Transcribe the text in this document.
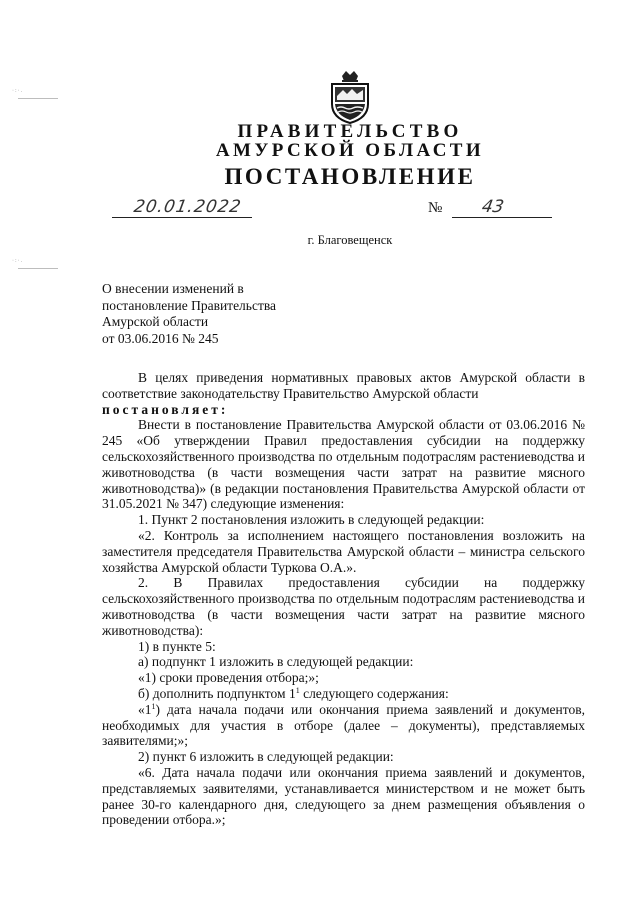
·:·.
·:·.
ПРАВИТЕЛЬСТВО
АМУРСКОЙ ОБЛАСТИ
ПОСТАНОВЛЕНИЕ
20.01.2022	№ 43
г. Благовещенск
О внесении изменений в
постановление Правительства
Амурской области
от 03.06.2016 № 245

В целях приведения нормативных правовых актов Амурской области в соответствие законодательству Правительство Амурской области

постановляет:

Внести в постановление Правительства Амурской области от 03.06.2016 № 245 «Об утверждении Правил предоставления субсидии на поддержку сельскохозяйственного производства по отдельным подотраслям растениеводства и животноводства (в части возмещения части затрат на развитие мясного животноводства)» (в редакции постановления Правительства Амурской области от 31.05.2021 № 347) следующие изменения:

1. Пункт 2 постановления изложить в следующей редакции:

«2. Контроль за исполнением настоящего постановления возложить на заместителя председателя Правительства Амурской области – министра сельского хозяйства Амурской области Туркова О.А.».

2. В Правилах предоставления субсидии на поддержку сельскохозяйственного производства по отдельным подотраслям растениеводства и животноводства (в части возмещения части затрат на развитие мясного животноводства):

1) в пункте 5:

а) подпункт 1 изложить в следующей редакции:

«1) сроки проведения отбора;»;

б) дополнить подпунктом $1^1$ следующего содержания:

«$1^1$) дата начала подачи или окончания приема заявлений и документов, необходимых для участия в отборе (далее – документы), представляемых заявителями;»;

2) пункт 6 изложить в следующей редакции:

«6. Дата начала подачи или окончания приема заявлений и документов, представляемых заявителями, устанавливается министерством и не может быть ранее 30-го календарного дня, следующего за днем размещения объявления о проведении отбора.»;
